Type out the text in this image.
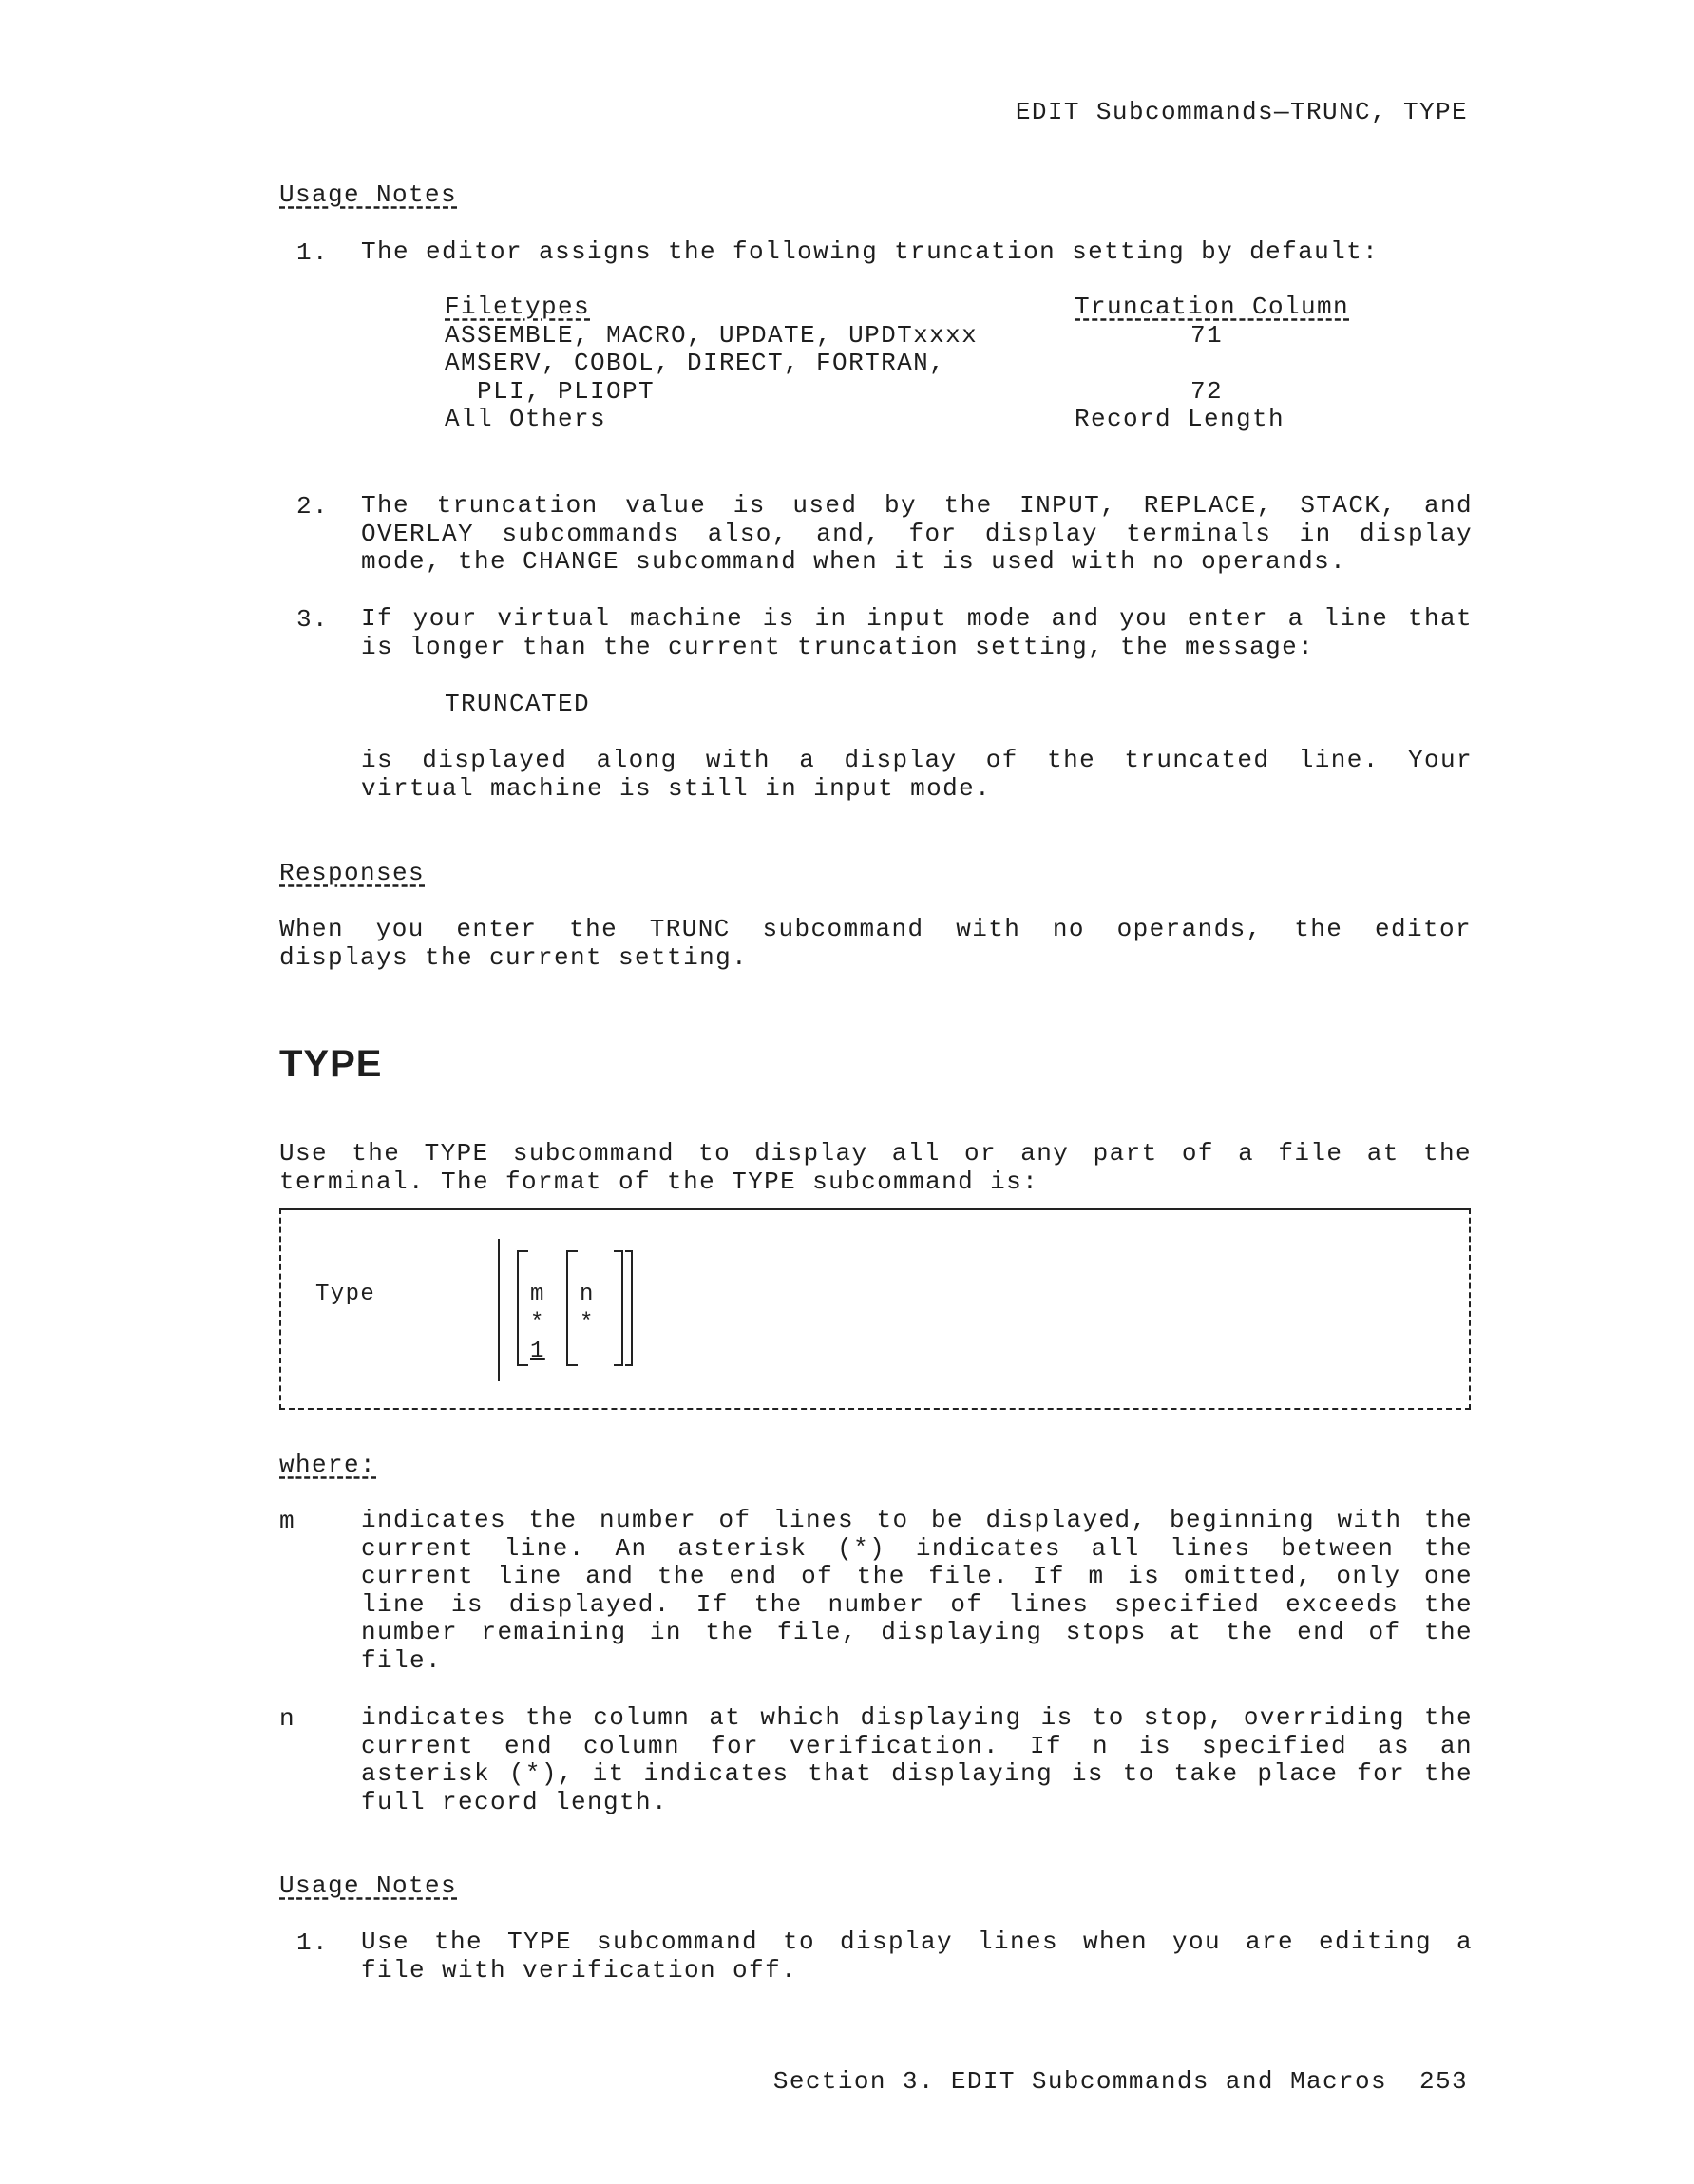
EDIT Subcommands—TRUNC, TYPE
Usage Notes
1. The editor assigns the following truncation setting by default:
Filetypes	Truncation Column
ASSEMBLE, MACRO, UPDATE, UPDTxxxx	71
AMSERV, COBOL, DIRECT, FORTRAN,
PLI, PLIOPT	72
All Others	Record Length
2. The truncation value is used by the INPUT, REPLACE, STACK, and
OVERLAY subcommands also, and, for display terminals in display
mode, the CHANGE subcommand when it is used with no operands.
3. If your virtual machine is in input mode and you enter a line that
is longer than the current truncation setting, the message:
TRUNCATED
is displayed along with a display of the truncated line. Your
virtual machine is still in input mode.
Responses
When you enter the TRUNC subcommand with no operands, the editor
displays the current setting.
TYPE
Use the TYPE subcommand to display all or any part of a file at the
terminal. The format of the TYPE subcommand is:
Type	m
*
1
n
*
where:
m	indicates the number of lines to be displayed, beginning with the
current line. An asterisk (*) indicates all lines between the
current line and the end of the file. If m is omitted, only one
line is displayed. If the number of lines specified exceeds the
number remaining in the file, displaying stops at the end of the
file.
n	indicates the column at which displaying is to stop, overriding the
current end column for verification. If n is specified as an
asterisk (*), it indicates that displaying is to take place for the
full record length.
Usage Notes
1. Use the TYPE subcommand to display lines when you are editing a
file with verification off.
Section 3. EDIT Subcommands and Macros 253
